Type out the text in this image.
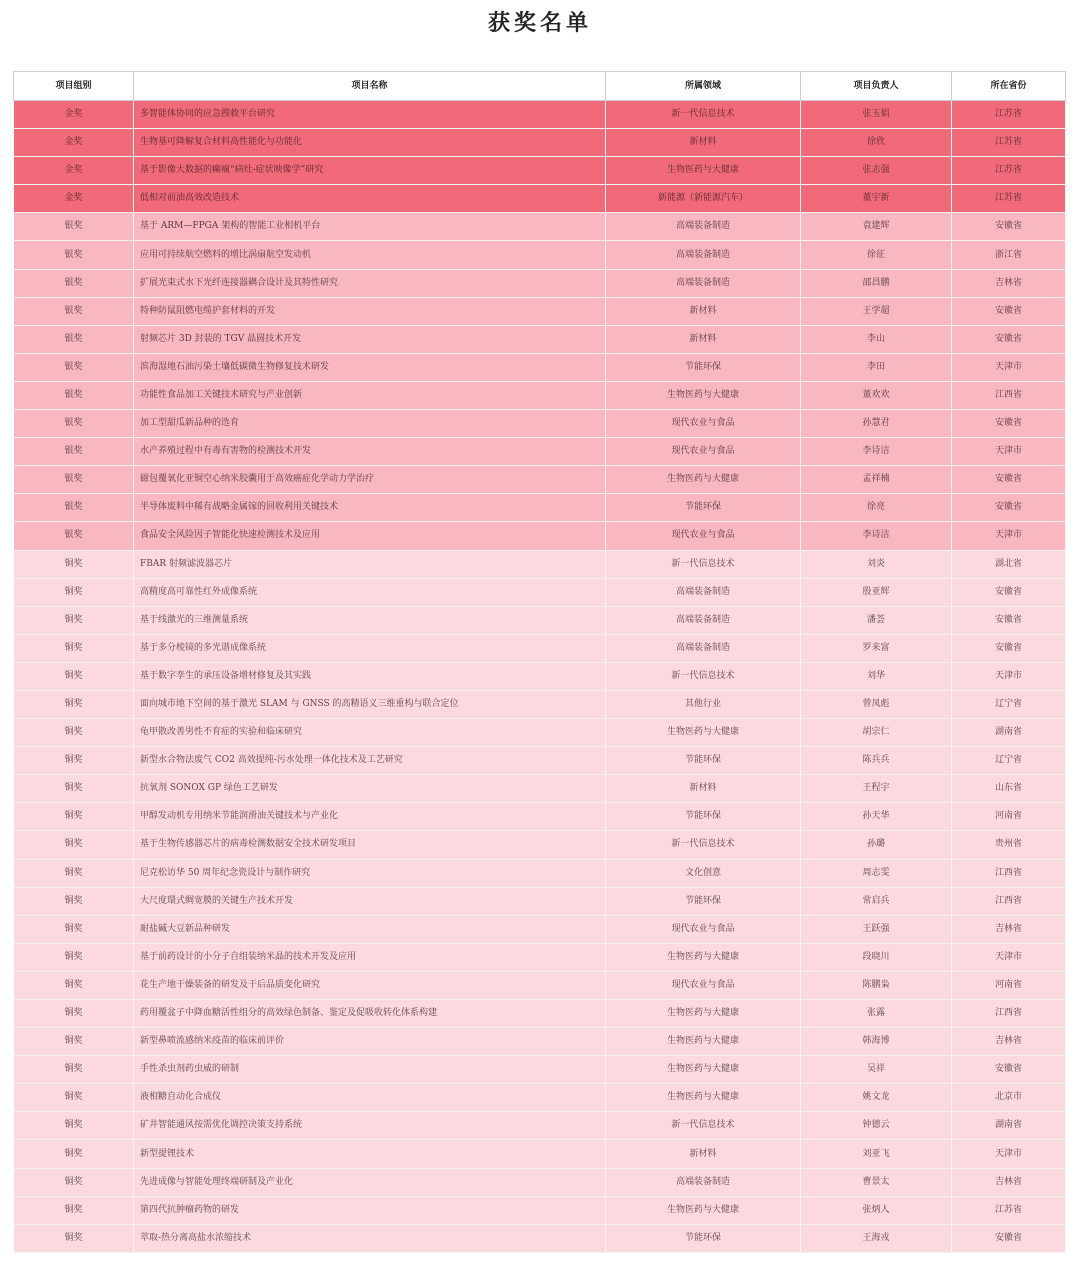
获奖名单
项目组别	项目名称	所属领域	项目负责人	所在省份
金奖	多智能体协同的应急搜救平台研究	新一代信息技术	张玉娟	江苏省
金奖	生物基可降解复合材料高性能化与功能化	新材料	徐欣	江苏省
金奖	基于影像大数据的癫痫“病灶-症状映像学”研究	生物医药与大健康	张志强	江苏省
金奖	低相对前油高效改造技术	新能源（新能源汽车）	董宇新	江苏省
银奖	基于 ARM—FPGA 架构的智能工业相机平台	高端装备制造	袁建辉	安徽省
银奖	应用可持续航空燃料的增比涡扇航空发动机	高端装备制造	徐征	浙江省
银奖	扩展光束式水下光纤连接器耦合设计及其特性研究	高端装备制造	邵昌鹏	吉林省
银奖	特种防鼠阻燃电缆护套材料的开发	新材料	王学超	安徽省
银奖	射频芯片 3D 封装的 TGV 晶圆技术开发	新材料	李山	安徽省
银奖	滨海湿地石油污染土壤低碳微生物修复技术研发	节能环保	李田	天津市
银奖	功能性食品加工关键技术研究与产业创新	生物医药与大健康	董欢欢	江西省
银奖	加工型甜瓜新品种的选育	现代农业与食品	孙慧君	安徽省
银奖	水产养殖过程中有毒有害物的检测技术开发	现代农业与食品	李诗洁	天津市
银奖	磁包覆氧化亚铜空心纳米胶囊用于高效癌症化学动力学治疗	生物医药与大健康	孟祥楠	安徽省
银奖	半导体废料中稀有战略金属镓的回收利用关键技术	节能环保	徐亮	安徽省
银奖	食品安全风险因子智能化快速检测技术及应用	现代农业与食品	李诗洁	天津市
铜奖	FBAR 射频滤波器芯片	新一代信息技术	刘炎	湖北省
铜奖	高精度高可靠性红外成像系统	高端装备制造	殷亚辉	安徽省
铜奖	基于线激光的三维测量系统	高端装备制造	潘荟	安徽省
铜奖	基于多分棱镜的多光谱成像系统	高端装备制造	罗来富	安徽省
铜奖	基于数字孪生的承压设备增材修复及其实践	新一代信息技术	刘华	天津市
铜奖	面向城市地下空间的基于激光 SLAM 与 GNSS 的高精语义三维重构与联合定位	其他行业	曾凤彪	辽宁省
铜奖	龟甲散改善男性不育症的实验和临床研究	生物医药与大健康	胡宗仁	湖南省
铜奖	新型水合物法废气 CO2 高效提纯-污水处理一体化技术及工艺研究	节能环保	陈兵兵	辽宁省
铜奖	抗氧剂 SONOX GP 绿色工艺研发	新材料	王程宇	山东省
铜奖	甲醇发动机专用纳米节能润滑油关键技术与产业化	节能环保	孙天华	河南省
铜奖	基于生物传感器芯片的病毒检测数据安全技术研发项目	新一代信息技术	孙璐	贵州省
铜奖	尼克松访华 50 周年纪念瓷设计与制作研究	文化创意	周志雯	江西省
铜奖	大尺度環式绸宽膜的关键生产技术开发	节能环保	常启兵	江西省
铜奖	耐盐碱大豆新品种研发	现代农业与食品	王跃强	吉林省
铜奖	基于前药设计的小分子自组装纳米晶的技术开发及应用	生物医药与大健康	段晓川	天津市
铜奖	花生产地干燥装备的研发及干后品质变化研究	现代农业与食品	陈鹏枭	河南省
铜奖	药用覆盆子中降血糖活性组分的高效绿色制备、鉴定及促吸收转化体系构建	生物医药与大健康	张露	江西省
铜奖	新型鼻喷流感纳米疫苗的临床前评价	生物医药与大健康	韩海博	吉林省
铜奖	手性杀虫剂药虫威的研制	生物医药与大健康	吴祥	安徽省
铜奖	液相糖自动化合成仪	生物医药与大健康	姚文龙	北京市
铜奖	矿井智能通风按需优化调控决策支持系统	新一代信息技术	钟德云	湖南省
铜奖	新型提锂技术	新材料	刘亚飞	天津市
铜奖	先进成像与智能处理终端研制及产业化	高端装备制造	曹景太	吉林省
铜奖	第四代抗肿瘤药物的研发	生物医药与大健康	张炳人	江苏省
铜奖	萃取-热分离高盐水浓缩技术	节能环保	王海戎	安徽省
